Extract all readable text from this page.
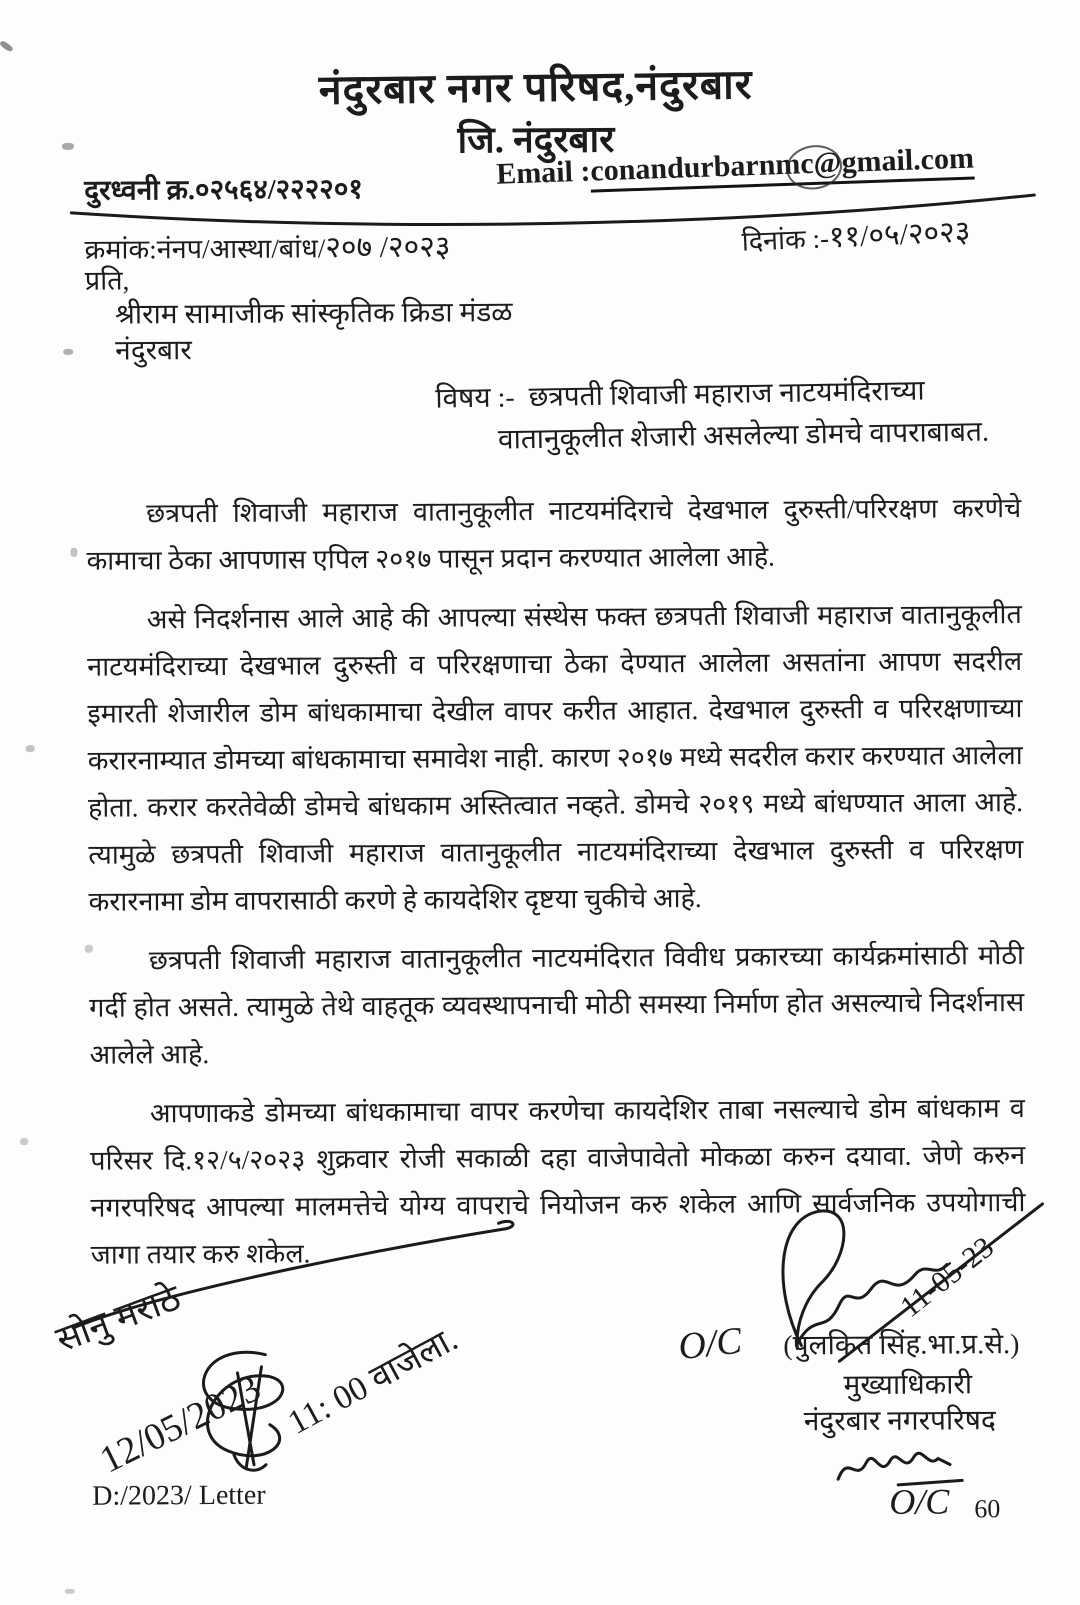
नंदुरबार नगर परिषद,नंदुरबार
जि. नंदुरबार
दुरध्वनी क्र.०२५६४/२२२२०१	Email :conandurbarnmc@gmail.com
क्रमांक:नंनप/आस्था/बांध/२०७ /२०२३	दिनांक :-११/०५/२०२३
प्रति,
श्रीराम सामाजीक सांस्कृतिक क्रिडा मंडळ
नंदुरबार
विषय :- छत्रपती शिवाजी महाराज नाटयमंदिराच्या
वातानुकूलीत शेजारी असलेल्या डोमचे वापराबाबत.

छत्रपती शिवाजी महाराज वातानुकूलीत नाटयमंदिराचे देखभाल दुरुस्ती/परिरक्षण करणेचे कामाचा ठेका आपणास एपिल २०१७ पासून प्रदान करण्यात आलेला आहे.

असे निदर्शनास आले आहे की आपल्या संस्थेस फक्त छत्रपती शिवाजी महाराज वातानुकूलीत नाटयमंदिराच्या देखभाल दुरुस्ती व परिरक्षणाचा ठेका देण्यात आलेला असतांना आपण सदरील इमारती शेजारील डोम बांधकामाचा देखील वापर करीत आहात. देखभाल दुरुस्ती व परिरक्षणाच्या करारनाम्यात डोमच्या बांधकामाचा समावेश नाही. कारण २०१७ मध्ये सदरील करार करण्यात आलेला होता. करार करतेवेळी डोमचे बांधकाम अस्तित्वात नव्हते. डोमचे २०१९ मध्ये बांधण्यात आला आहे. त्यामुळे छत्रपती शिवाजी महाराज वातानुकूलीत नाटयमंदिराच्या देखभाल दुरुस्ती व परिरक्षण करारनामा डोम वापरासाठी करणे हे कायदेशिर दृष्टया चुकीचे आहे.

छत्रपती शिवाजी महाराज वातानुकूलीत नाटयमंदिरात विवीध प्रकारच्या कार्यक्रमांसाठी मोठी गर्दी होत असते. त्यामुळे तेथे वाहतूक व्यवस्थापनाची मोठी समस्या निर्माण होत असल्याचे निदर्शनास आलेले आहे.

आपणाकडे डोमच्या बांधकामाचा वापर करणेचा कायदेशिर ताबा नसल्याचे डोम बांधकाम व परिसर दि.१२/५/२०२३ शुक्रवार रोजी सकाळी दहा वाजेपावेतो मोकळा करुन दयावा. जेणे करुन नगरपरिषद आपल्या मालमत्तेचे योग्य वापराचे नियोजन करु शकेल आणि सार्वजनिक उपयोगाची जागा तयार करु शकेल.	11-05-23
O/C (पुलकित सिंह.भा.प्र.से.)
मुख्याधिकारी
नंदुरबार नगरपरिषद
O/C 60
सोनु मराठे
12/05/2023 11: 00 वाजेला.
D:/2023/ Letter
